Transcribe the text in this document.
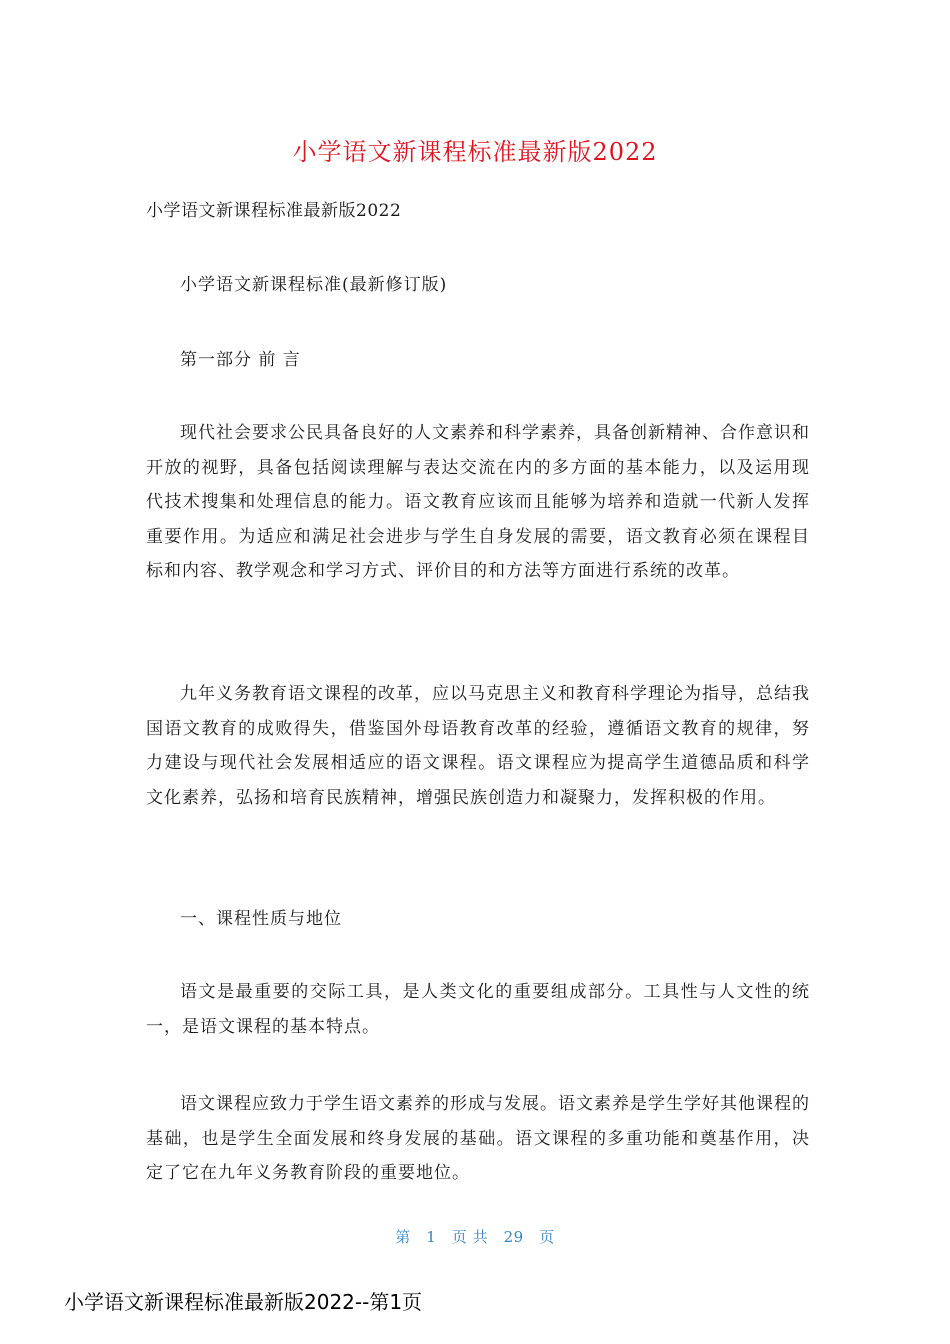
小学语文新课程标准最新版2022
小学语文新课程标准最新版2022

小学语文新课程标准(最新修订版)

第一部分 前 言

现代社会要求公民具备良好的人文素养和科学素养，具备创新精神、合作意识和开放的视野，具备包括阅读理解与表达交流在内的多方面的基本能力，以及运用现代技术搜集和处理信息的能力。语文教育应该而且能够为培养和造就一代新人发挥重要作用。为适应和满足社会进步与学生自身发展的需要，语文教育必须在课程目标和内容、教学观念和学习方式、评价目的和方法等方面进行系统的改革。

九年义务教育语文课程的改革，应以马克思主义和教育科学理论为指导，总结我国语文教育的成败得失，借鉴国外母语教育改革的经验，遵循语文教育的规律，努力建设与现代社会发展相适应的语文课程。语文课程应为提高学生道德品质和科学文化素养，弘扬和培育民族精神，增强民族创造力和凝聚力，发挥积极的作用。

一、课程性质与地位

语文是最重要的交际工具，是人类文化的重要组成部分。工具性与人文性的统一，是语文课程的基本特点。

语文课程应致力于学生语文素养的形成与发展。语文素养是学生学好其他课程的基础，也是学生全面发展和终身发展的基础。语文课程的多重功能和奠基作用，决定了它在九年义务教育阶段的重要地位。

第　1　页 共　29　页
小学语文新课程标准最新版2022--第1页
